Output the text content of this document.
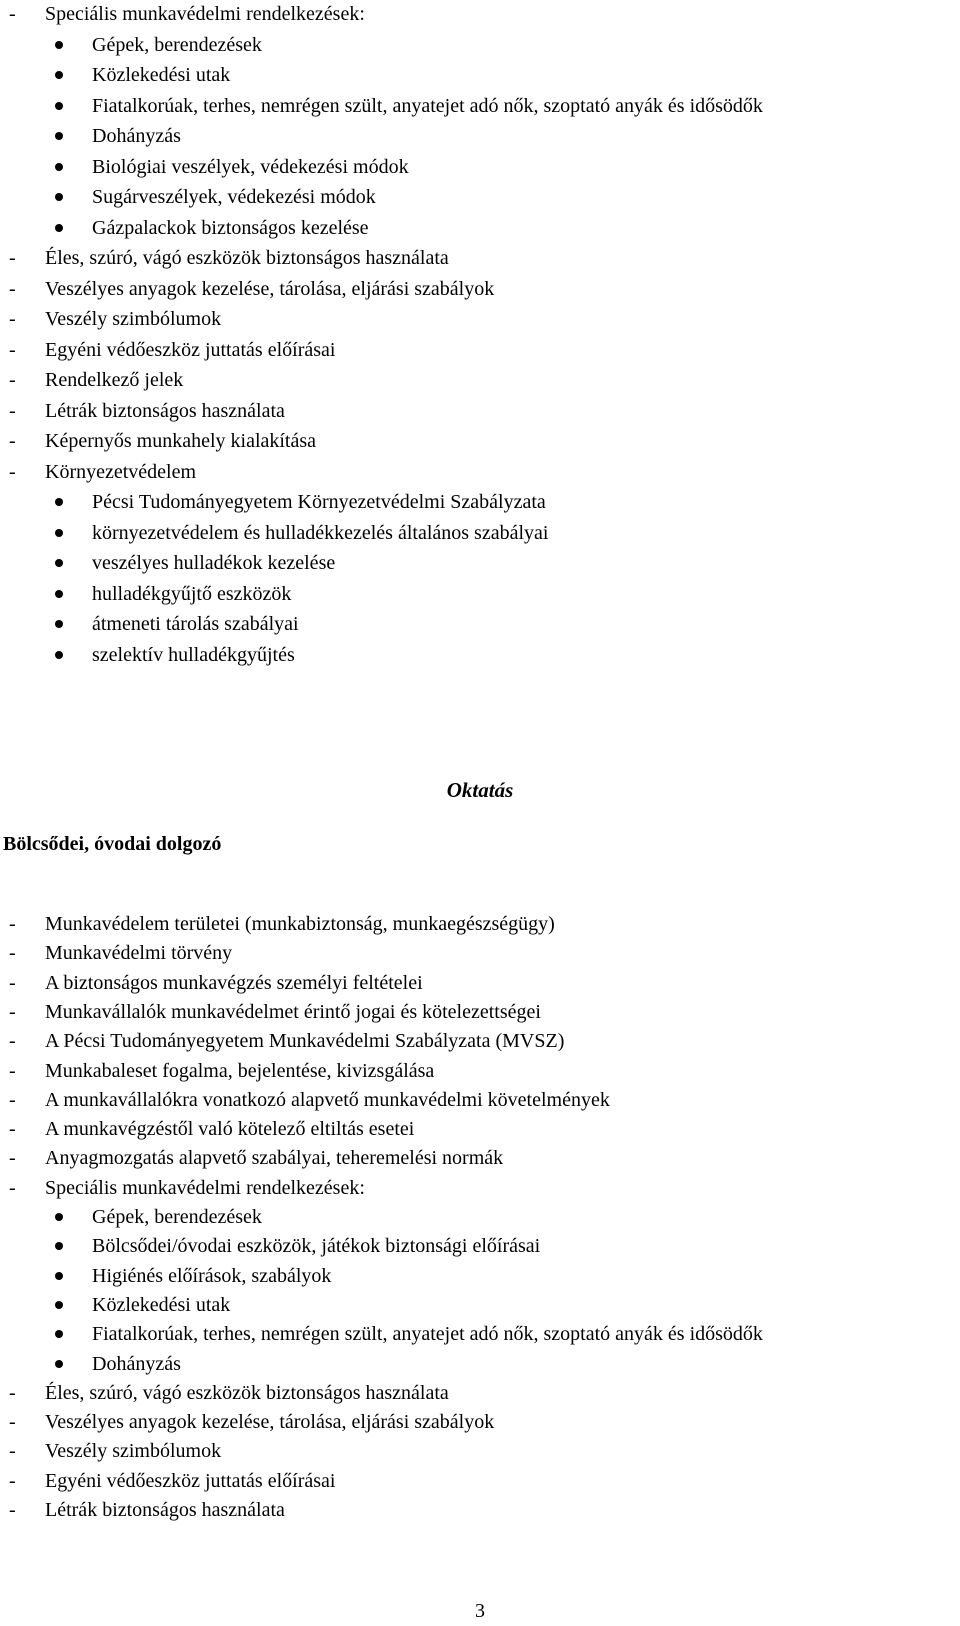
- Speciális munkavédelmi rendelkezések:
Gépek, berendezések
Közlekedési utak
Fiatalkorúak, terhes, nemrégen szült, anyatejet adó nők, szoptató anyák és idősödők
Dohányzás
Biológiai veszélyek, védekezési módok
Sugárveszélyek, védekezési módok
Gázpalackok biztonságos kezelése
- Éles, szúró, vágó eszközök biztonságos használata
- Veszélyes anyagok kezelése, tárolása, eljárási szabályok
- Veszély szimbólumok
- Egyéni védőeszköz juttatás előírásai
- Rendelkező jelek
- Létrák biztonságos használata
- Képernyős munkahely kialakítása
- Környezetvédelem
Pécsi Tudományegyetem Környezetvédelmi Szabályzata
környezetvédelem és hulladékkezelés általános szabályai
veszélyes hulladékok kezelése
hulladékgyűjtő eszközök
átmeneti tárolás szabályai
szelektív hulladékgyűjtés
Oktatás
Bölcsődei, óvodai dolgozó
- Munkavédelem területei (munkabiztonság, munkaegészségügy)
- Munkavédelmi törvény
- A biztonságos munkavégzés személyi feltételei
- Munkavállalók munkavédelmet érintő jogai és kötelezettségei
- A Pécsi Tudományegyetem Munkavédelmi Szabályzata (MVSZ)
- Munkabaleset fogalma, bejelentése, kivizsgálása
- A munkavállalókra vonatkozó alapvető munkavédelmi követelmények
- A munkavégzéstől való kötelező eltiltás esetei
- Anyagmozgatás alapvető szabályai, teheremelési normák
- Speciális munkavédelmi rendelkezések:
Gépek, berendezések
Bölcsődei/óvodai eszközök, játékok biztonsági előírásai
Higiénés előírások, szabályok
Közlekedési utak
Fiatalkorúak, terhes, nemrégen szült, anyatejet adó nők, szoptató anyák és idősödők
Dohányzás
- Éles, szúró, vágó eszközök biztonságos használata
- Veszélyes anyagok kezelése, tárolása, eljárási szabályok
- Veszély szimbólumok
- Egyéni védőeszköz juttatás előírásai
- Létrák biztonságos használata
3
